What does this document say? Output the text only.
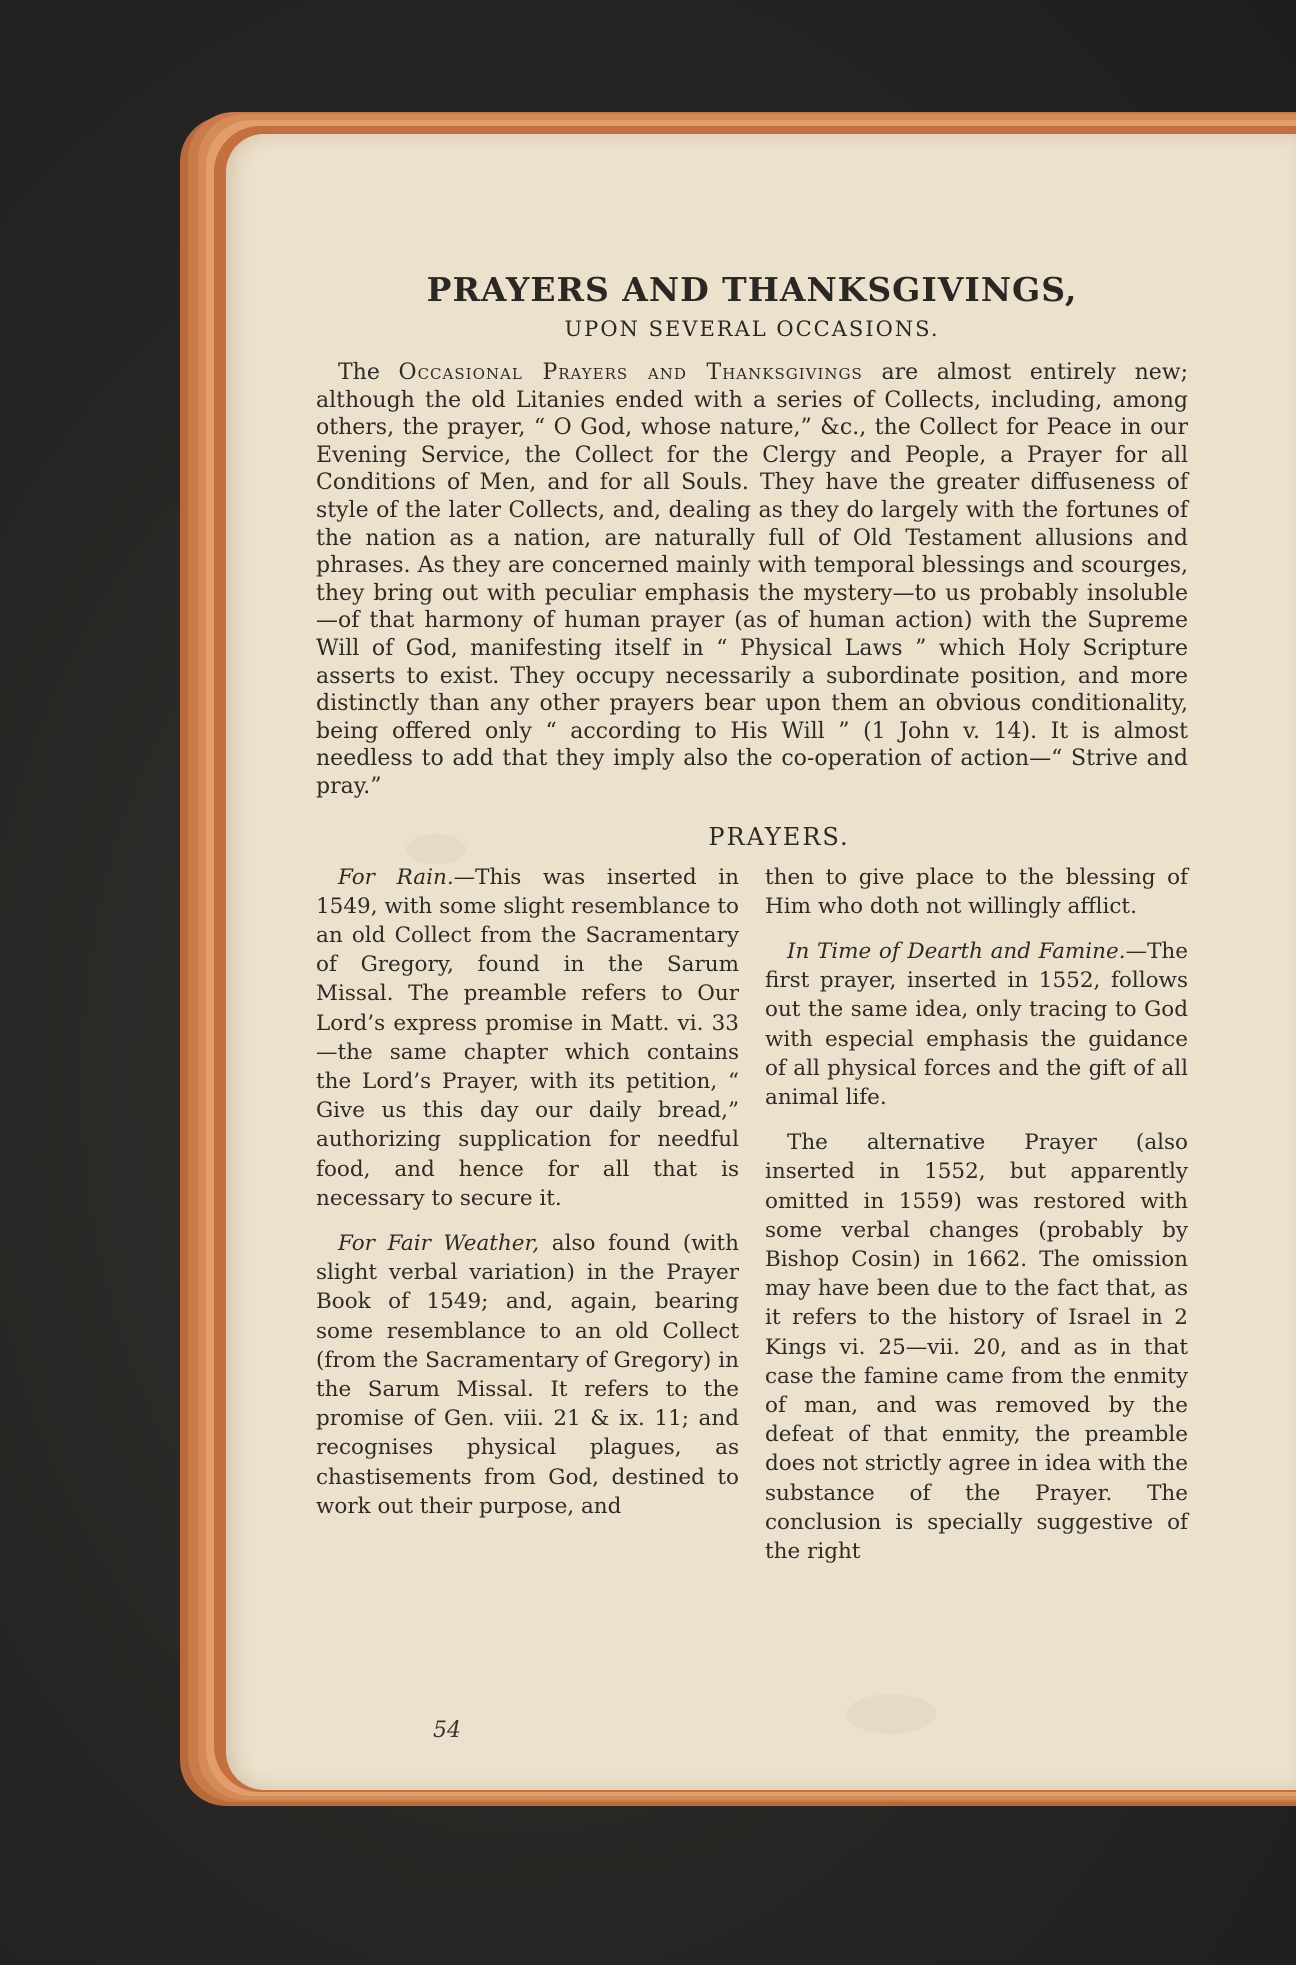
PRAYERS AND THANKSGIVINGS,
UPON SEVERAL OCCASIONS.

The Occasional Prayers and Thanksgivings are almost entirely new; although the old Litanies ended with a series of Collects, including, among others, the prayer, “ O God, whose nature,” &c., the Collect for Peace in our Evening Service, the Collect for the Clergy and People, a Prayer for all Conditions of Men, and for all Souls. They have the greater diffuseness of style of the later Collects, and, dealing as they do largely with the fortunes of the nation as a nation, are naturally full of Old Testament allusions and phrases. As they are concerned mainly with temporal blessings and scourges, they bring out with peculiar emphasis the mystery—to us probably insoluble—of that harmony of human prayer (as of human action) with the Supreme Will of God, manifesting itself in “ Physical Laws ” which Holy Scripture asserts to exist. They occupy necessarily a subordinate position, and more distinctly than any other prayers bear upon them an obvious conditionality, being offered only “ according to His Will ” (1 John v. 14). It is almost needless to add that they imply also the co-operation of action—“ Strive and pray.”

PRAYERS.

For Rain.—This was inserted in 1549, with some slight resemblance to an old Collect from the Sacramentary of Gregory, found in the Sarum Missal. The preamble refers to Our Lord’s express promise in Matt. vi. 33—the same chapter which contains the Lord’s Prayer, with its petition, “ Give us this day our daily bread,” authorizing supplication for needful food, and hence for all that is necessary to secure it.

For Fair Weather, also found (with slight verbal variation) in the Prayer Book of 1549; and, again, bearing some resemblance to an old Collect (from the Sacramentary of Gregory) in the Sarum Missal. It refers to the promise of Gen. viii. 21 & ix. 11; and recognises physical plagues, as chastisements from God, destined to work out their purpose, and

then to give place to the blessing of Him who doth not willingly afflict.

In Time of Dearth and Famine.—The first prayer, inserted in 1552, follows out the same idea, only tracing to God with especial emphasis the guidance of all physical forces and the gift of all animal life.

The alternative Prayer (also inserted in 1552, but apparently omitted in 1559) was restored with some verbal changes (probably by Bishop Cosin) in 1662. The omission may have been due to the fact that, as it refers to the history of Israel in 2 Kings vi. 25—vii. 20, and as in that case the famine came from the enmity of man, and was removed by the defeat of that enmity, the preamble does not strictly agree in idea with the substance of the Prayer. The conclusion is specially suggestive of the right

54
